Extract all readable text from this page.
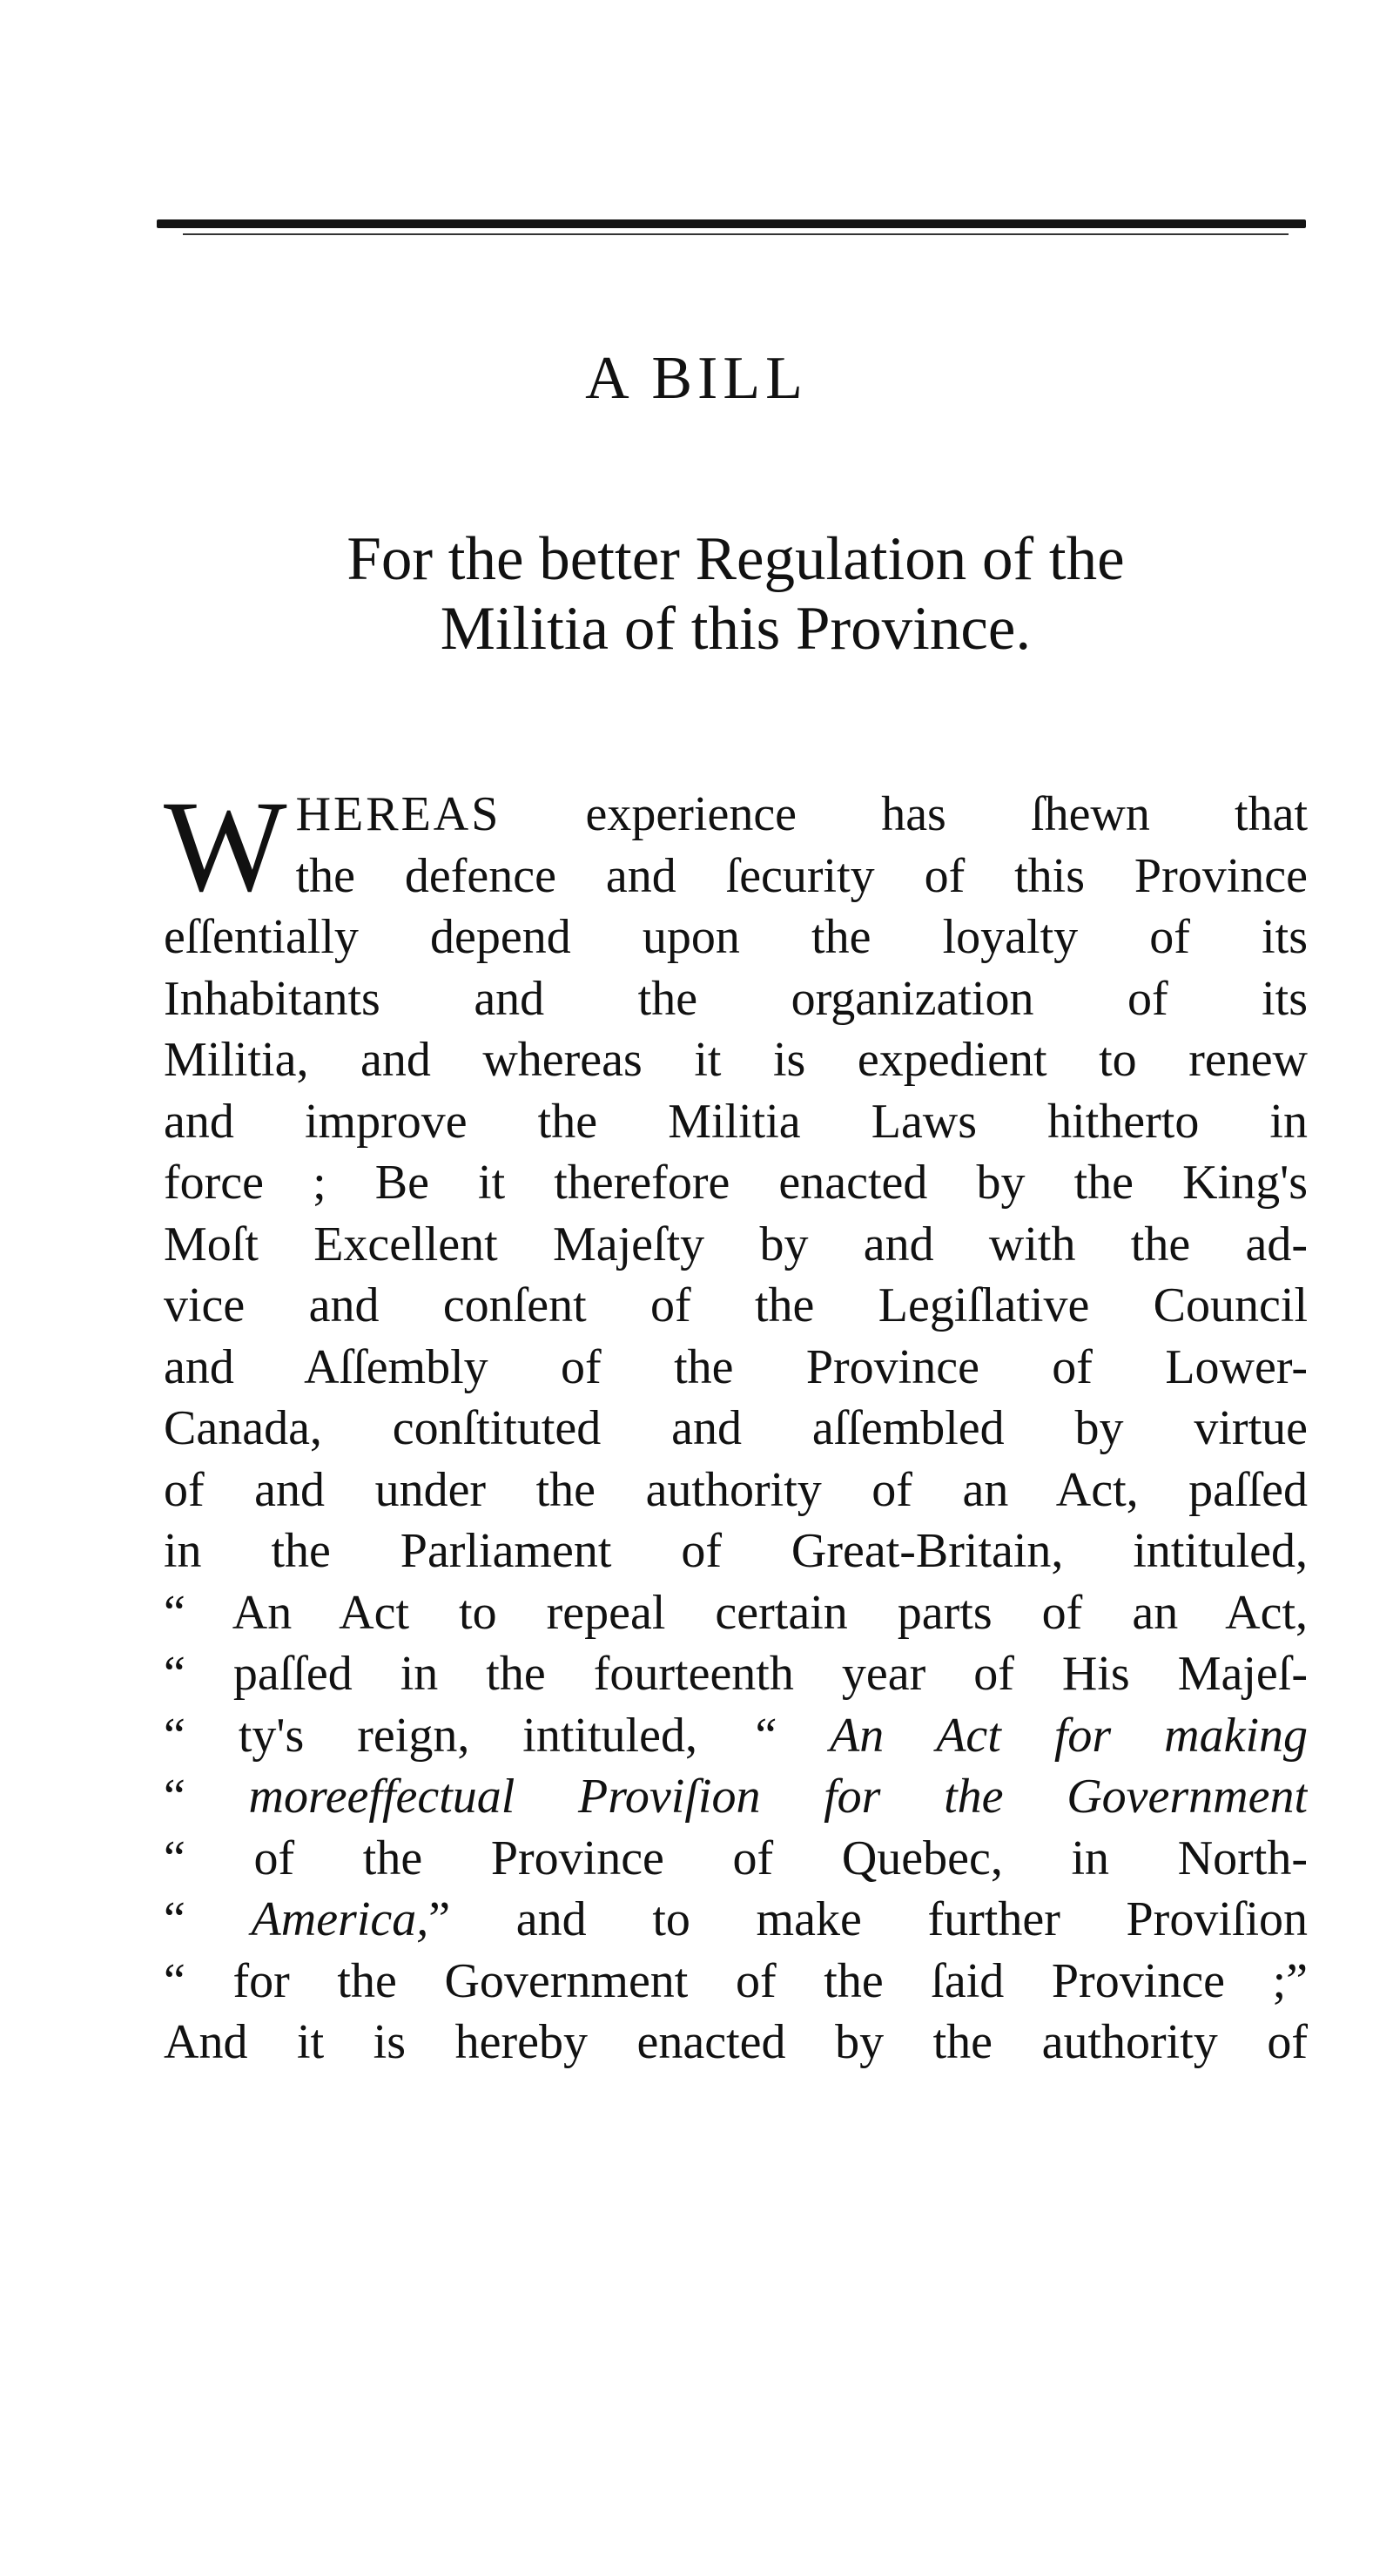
A BILL
For the better Regulation of the
Militia of this Province.
W HEREAS experience has ſhewn that
the defence and ſecurity of this Province
eſſentially depend upon the loyalty of its
Inhabitants and the organization of its
Militia, and whereas it is expedient to renew
and improve the Militia Laws hitherto in
force ; Be it therefore enacted by the King's
Moſt Excellent Majeſty by and with the ad-
vice and conſent of the Legiſlative Council
and Aſſembly of the Province of Lower-
Canada, conſtituted and aſſembled by virtue
of and under the authority of an Act, paſſed
in the Parliament of Great-Britain, intituled,
“ An Act to repeal certain parts of an Act,
“ paſſed in the fourteenth year of His Majeſ-
“ ty's reign, intituled, “ An Act for making
“ moreeffectual Proviſion for the Government
“ of the Province of Quebec, in North-
“ America,” and to make further Proviſion
“ for the Government of the ſaid Province ;”
And it is hereby enacted by the authority of
